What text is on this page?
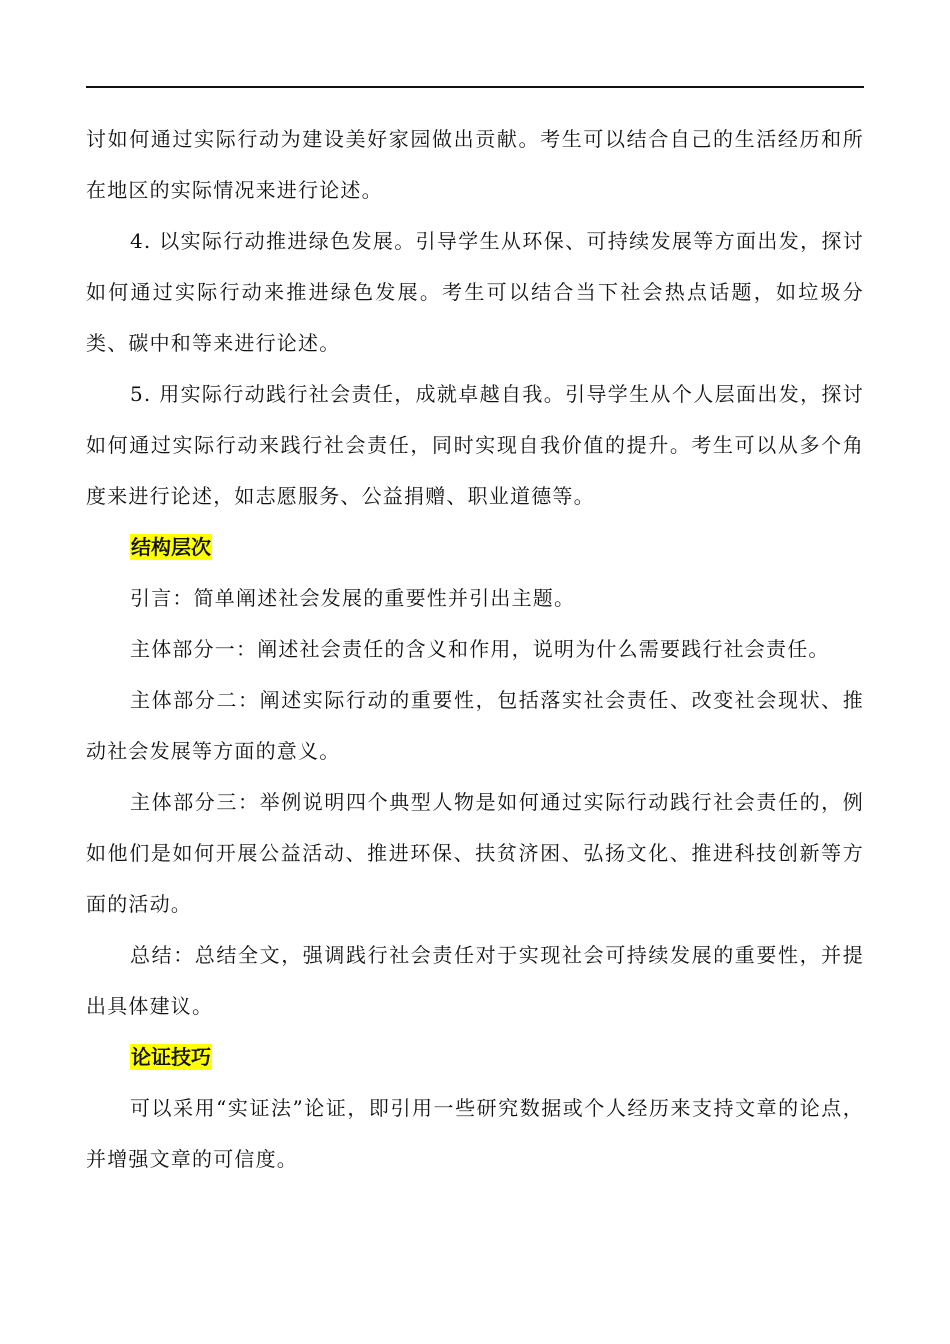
讨如何通过实际行动为建设美好家园做出贡献。考生可以结合自己的生活经历和所在地区的实际情况来进行论述。

4. 以实际行动推进绿色发展。引导学生从环保、可持续发展等方面出发，探讨如何通过实际行动来推进绿色发展。考生可以结合当下社会热点话题，如垃圾分类、碳中和等来进行论述。

5. 用实际行动践行社会责任，成就卓越自我。引导学生从个人层面出发，探讨如何通过实际行动来践行社会责任，同时实现自我价值的提升。考生可以从多个角度来进行论述，如志愿服务、公益捐赠、职业道德等。

结构层次

引言：简单阐述社会发展的重要性并引出主题。

主体部分一：阐述社会责任的含义和作用，说明为什么需要践行社会责任。

主体部分二：阐述实际行动的重要性，包括落实社会责任、改变社会现状、推动社会发展等方面的意义。

主体部分三：举例说明四个典型人物是如何通过实际行动践行社会责任的，例如他们是如何开展公益活动、推进环保、扶贫济困、弘扬文化、推进科技创新等方面的活动。

总结：总结全文，强调践行社会责任对于实现社会可持续发展的重要性，并提出具体建议。

论证技巧

可以采用“实证法”论证，即引用一些研究数据或个人经历来支持文章的论点，并增强文章的可信度。
